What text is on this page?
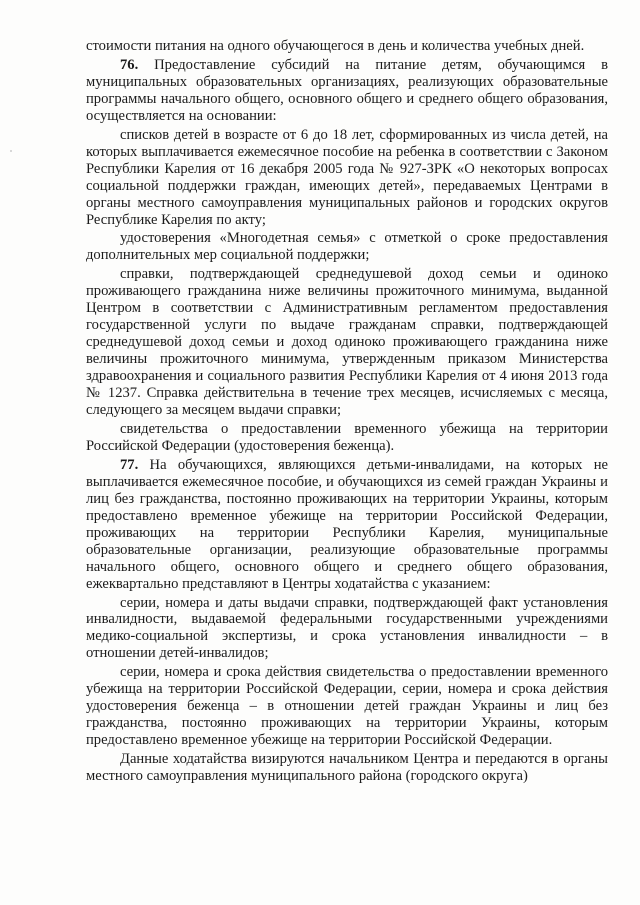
стоимости питания на одного обучающегося в день и количества учебных дней.

76. Предоставление субсидий на питание детям, обучающимся в муниципальных образовательных организациях, реализующих образовательные программы начального общего, основного общего и среднего общего образования, осуществляется на основании:

списков детей в возрасте от 6 до 18 лет, сформированных из числа детей, на которых выплачивается ежемесячное пособие на ребенка в соответствии с Законом Республики Карелия от 16 декабря 2005 года № 927-ЗРК «О некоторых вопросах социальной поддержки граждан, имеющих детей», передаваемых Центрами в органы местного самоуправления муниципальных районов и городских округов Республике Карелия по акту;

удостоверения «Многодетная семья» с отметкой о сроке предоставления дополнительных мер социальной поддержки;

справки, подтверждающей среднедушевой доход семьи и одиноко проживающего гражданина ниже величины прожиточного минимума, выданной Центром в соответствии с Административным регламентом предоставления государственной услуги по выдаче гражданам справки, подтверждающей среднедушевой доход семьи и доход одиноко проживающего гражданина ниже величины прожиточного минимума, утвержденным приказом Министерства здравоохранения и социального развития Республики Карелия от 4 июня 2013 года № 1237. Справка действительна в течение трех месяцев, исчисляемых с месяца, следующего за месяцем выдачи справки;

свидетельства о предоставлении временного убежища на территории Российской Федерации (удостоверения беженца).

77. На обучающихся, являющихся детьми-инвалидами, на которых не выплачивается ежемесячное пособие, и обучающихся из семей граждан Украины и лиц без гражданства, постоянно проживающих на территории Украины, которым предоставлено временное убежище на территории Российской Федерации, проживающих на территории Республики Карелия, муниципальные образовательные организации, реализующие образовательные программы начального общего, основного общего и среднего общего образования, ежеквартально представляют в Центры ходатайства с указанием:

серии, номера и даты выдачи справки, подтверждающей факт установления инвалидности, выдаваемой федеральными государственными учреждениями медико-социальной экспертизы, и срока установления инвалидности – в отношении детей-инвалидов;

серии, номера и срока действия свидетельства о предоставлении временного убежища на территории Российской Федерации, серии, номера и срока действия удостоверения беженца – в отношении детей граждан Украины и лиц без гражданства, постоянно проживающих на территории Украины, которым предоставлено временное убежище на территории Российской Федерации.

Данные ходатайства визируются начальником Центра и передаются в органы местного самоуправления муниципального района (городского округа)
